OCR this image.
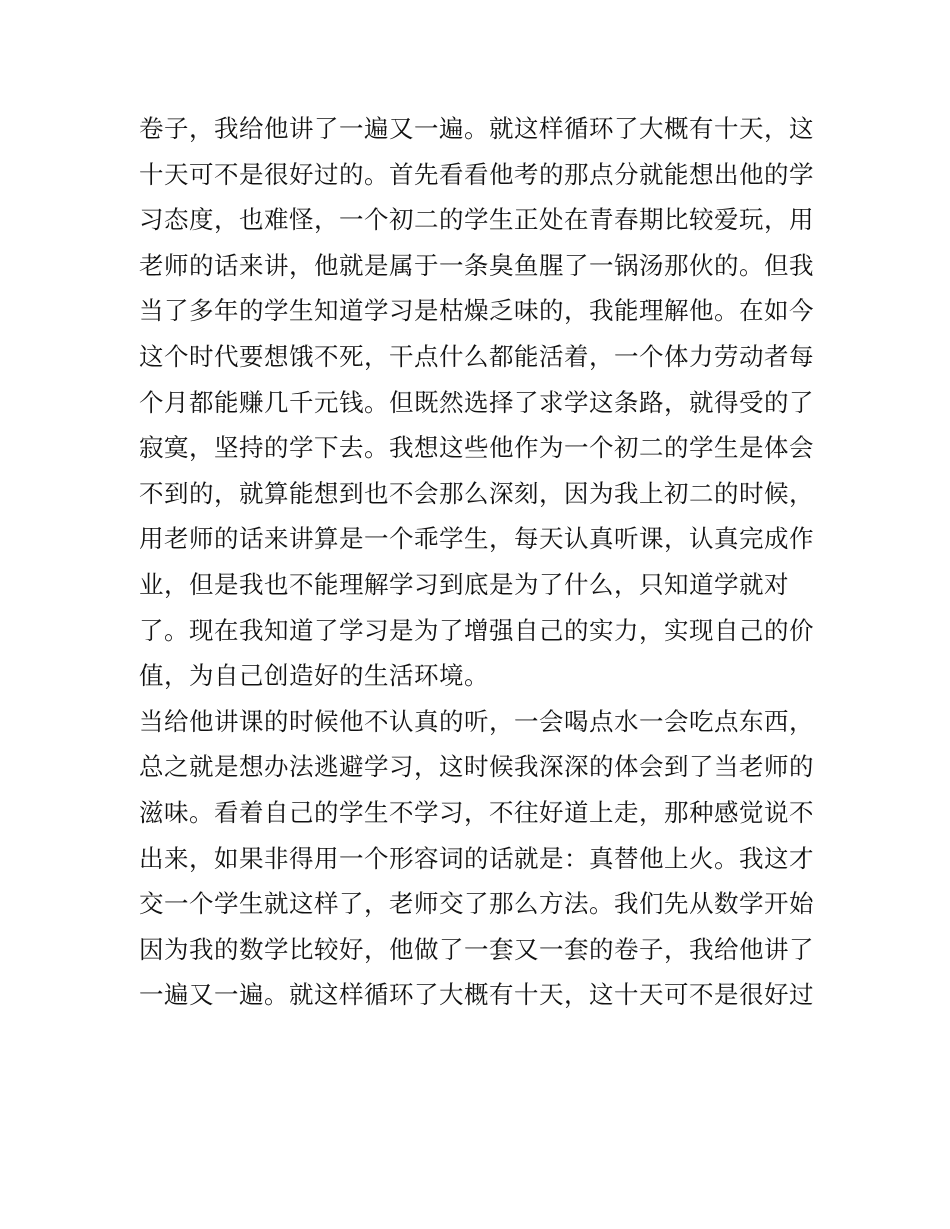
卷子，我给他讲了一遍又一遍。就这样循环了大概有十天，这
十天可不是很好过的。首先看看他考的那点分就能想出他的学
习态度，也难怪，一个初二的学生正处在青春期比较爱玩，用
老师的话来讲，他就是属于一条臭鱼腥了一锅汤那伙的。但我
当了多年的学生知道学习是枯燥乏味的，我能理解他。在如今
这个时代要想饿不死，干点什么都能活着，一个体力劳动者每
个月都能赚几千元钱。但既然选择了求学这条路，就得受的了
寂寞，坚持的学下去。我想这些他作为一个初二的学生是体会
不到的，就算能想到也不会那么深刻，因为我上初二的时候，
用老师的话来讲算是一个乖学生，每天认真听课，认真完成作
业，但是我也不能理解学习到底是为了什么，只知道学就对
了。现在我知道了学习是为了增强自己的实力，实现自己的价
值，为自己创造好的生活环境。
当给他讲课的时候他不认真的听，一会喝点水一会吃点东西，
总之就是想办法逃避学习，这时候我深深的体会到了当老师的
滋味。看着自己的学生不学习，不往好道上走，那种感觉说不
出来，如果非得用一个形容词的话就是：真替他上火。我这才
交一个学生就这样了，老师交了那么方法。我们先从数学开始
因为我的数学比较好，他做了一套又一套的卷子，我给他讲了
一遍又一遍。就这样循环了大概有十天，这十天可不是很好过
